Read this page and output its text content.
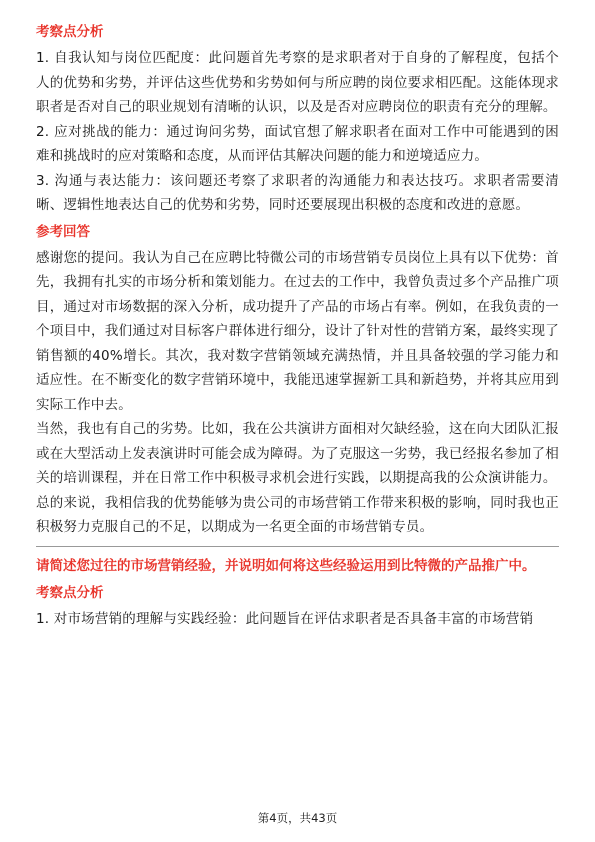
考察点分析

1. 自我认知与岗位匹配度：此问题首先考察的是求职者对于自身的了解程度，包括个人的优势和劣势，并评估这些优势和劣势如何与所应聘的岗位要求相匹配。这能体现求职者是否对自己的职业规划有清晰的认识，以及是否对应聘岗位的职责有充分的理解。

2. 应对挑战的能力：通过询问劣势，面试官想了解求职者在面对工作中可能遇到的困难和挑战时的应对策略和态度，从而评估其解决问题的能力和逆境适应力。

3. 沟通与表达能力：该问题还考察了求职者的沟通能力和表达技巧。求职者需要清晰、逻辑性地表达自己的优势和劣势，同时还要展现出积极的态度和改进的意愿。

参考回答

感谢您的提问。我认为自己在应聘比特微公司的市场营销专员岗位上具有以下优势：首先，我拥有扎实的市场分析和策划能力。在过去的工作中，我曾负责过多个产品推广项目，通过对市场数据的深入分析，成功提升了产品的市场占有率。例如，在我负责的一个项目中，我们通过对目标客户群体进行细分，设计了针对性的营销方案，最终实现了销售额的40%增长。其次，我对数字营销领域充满热情，并且具备较强的学习能力和适应性。在不断变化的数字营销环境中，我能迅速掌握新工具和新趋势，并将其应用到实际工作中去。

当然，我也有自己的劣势。比如，我在公共演讲方面相对欠缺经验，这在向大团队汇报或在大型活动上发表演讲时可能会成为障碍。为了克服这一劣势，我已经报名参加了相关的培训课程，并在日常工作中积极寻求机会进行实践，以期提高我的公众演讲能力。

总的来说，我相信我的优势能够为贵公司的市场营销工作带来积极的影响，同时我也正积极努力克服自己的不足，以期成为一名更全面的市场营销专员。

请简述您过往的市场营销经验，并说明如何将这些经验运用到比特微的产品推广中。
考察点分析

1. 对市场营销的理解与实践经验：此问题旨在评估求职者是否具备丰富的市场营销

第4页，共43页
